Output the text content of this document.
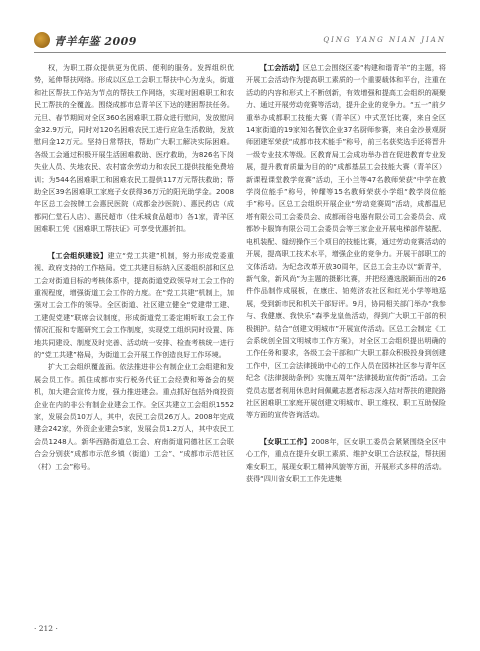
青羊年鉴 2009	QING YANG NIAN JIAN

权，为职工群众提供更为优质、便利的服务。发挥组织优势，延伸帮扶网络。形成以区总工会职工帮扶中心为龙头，街道和社区帮扶工作站为节点的帮扶工作网络，实现对困难职工和农民工帮扶的全覆盖。围绕成都市总青羊区下达的建困帮扶任务。元旦、春节期间对全区360名困难职工群众进行慰问，发放慰问金32.9万元，同时对120名困难农民工进行应急生活救助，发放慰问金12万元。坚持日常帮扶，帮助广大职工解决实际困难。各级工会通过积极开展生活困难救助、医疗救助，为826名下岗失业人员、失地农民、农村富余劳动力和农民工提供技能免费培训；为544名困难职工和困难农民工提供117万元帮扶救助；帮助全区39名困难职工家庭子女获得36万元的阳光助学金。2008年区总工会按牌工会惠民医院（成都金沙医院）、惠民药店（成都同仁堂石人店）、惠民超市（佳禾城食品超市）各1家，青羊区困难职工凭《困难职工帮扶证》可享受优惠折扣。

【工会组织建设】建立“党工共建”机制，努力形成党委重视、政府支持的工作格局。党工共建目标纳入区委组织部和区总工会对街道目标的考核体系中，提高街道党政领导对工会工作的重视程度，增强街道工会工作的力度。在“党工共建”机制上，加强对工会工作的领导。全区街道、社区建立健全“党建带工建、工建促党建”联席会议制度，形成街道党工委定期听取工会工作情况汇报和专题研究工会工作制度，实现党工组织同时设置、阵地共同建设、制度及时完善、活动统一安排、检查考核统一进行的“党工共建”格局，为街道工会开展工作创造良好工作环境。

扩大工会组织覆盖面。依法推进非公有制企业工会组建和发展会员工作。抓住成都市实行税务代征工会经费和筹备会的契机，加大建会宣传力度，强力推进建会。重点抓好包括外商投资企业在内的非公有制企业建会工作。全区共建立工会组织1552家，发展会员10万人，其中，农民工会员26万人。2008年完成建会242家，外资企业建会5家，发展会员1.2万人，其中农民工会员1248人。新华西路街道总工会、府南街道同德社区工会联合会分别获“成都市示范乡镇（街道）工会”、“成都市示范社区（村）工会”称号。

【工会活动】区总工会围绕区委“构建和谐青羊”的主题，将开展工会活动作为提高职工素质的一个重要载体和平台，注重在活动的内容和形式上不断创新，有效增强和提高工会组织的凝聚力、通过开展劳动竞赛等活动，提升企业的竞争力。“五一”前夕重举办成都职工技能大赛（青羊区）中式烹饪比赛，来自全区14家街道的19家知名餐饮企业37名厨师参赛，来自金沙景观厨师团建军荣获“成都市技术能手”称号，前三名获奖选手还将晋升一级专业技术等级。区教育局工会成功举办首在促进教育专业发展，提升教育质量为目的的“成都基层工会技能大赛（青羊区）新课程课堂教学竞赛”活动，王小兰等47名教师荣获“中学在教学岗位能手”称号，钟耀等15名教师荣获小学组“教学岗位能手”称号。区总工会组织开展企业“劳动竞赛周”活动，成都温尼塔有限公司工会委员会、成都雨谷电器有限公司工会委员会、成都妙卡服饰有限公司工会委员会等三家企业开展电梯部件装配、电机装配、缝纫操作三个项目的技能比赛，通过劳动竞赛活动的开展，提高职工技术水平，增强企业的竞争力。开展干部职工的文体活动。为纪念改革开放30周年，区总工会主办以“新青羊，新气象，新风尚”为主题的摄影比赛，并把经遴选脱颖而出的26件作品制作成展板，在康庄、铂苑济农社区和红光小学等地巡展，受到新市民和机关干部好评。9月，协同相关部门举办“我参与、我健康、我快乐”森季龙皇鱼活动，得到广大职工干部的积极拥护。结合“创建文明城市”开展宣传活动。区总工会制定《工会系统创全国文明城市工作方案》，对全区工会组织提出明确的工作任务和要求，各级工会干部和广大职工群众积极投身到创建工作中，区工会法律援助中心的工作人员在园林社区参与青年区纪念《法律援助条例》实施五周年“法律援助宣传街”活动。工会党员志愿者利用休息时间佩戴志愿者标志深入结对帮扶的建院路社区困难职工家庭开展创建文明城市、职工维权、职工互助保险等方面的宣传咨询活动。

【女职工工作】2008年，区女职工委员会紧紧围绕全区中心工作，重点在提升女职工素质、维护女职工合法权益，帮扶困难女职工，展现女职工精神风貌等方面，开展形式多样的活动。获得“四川省女职工工作先进集

· 212 ·
